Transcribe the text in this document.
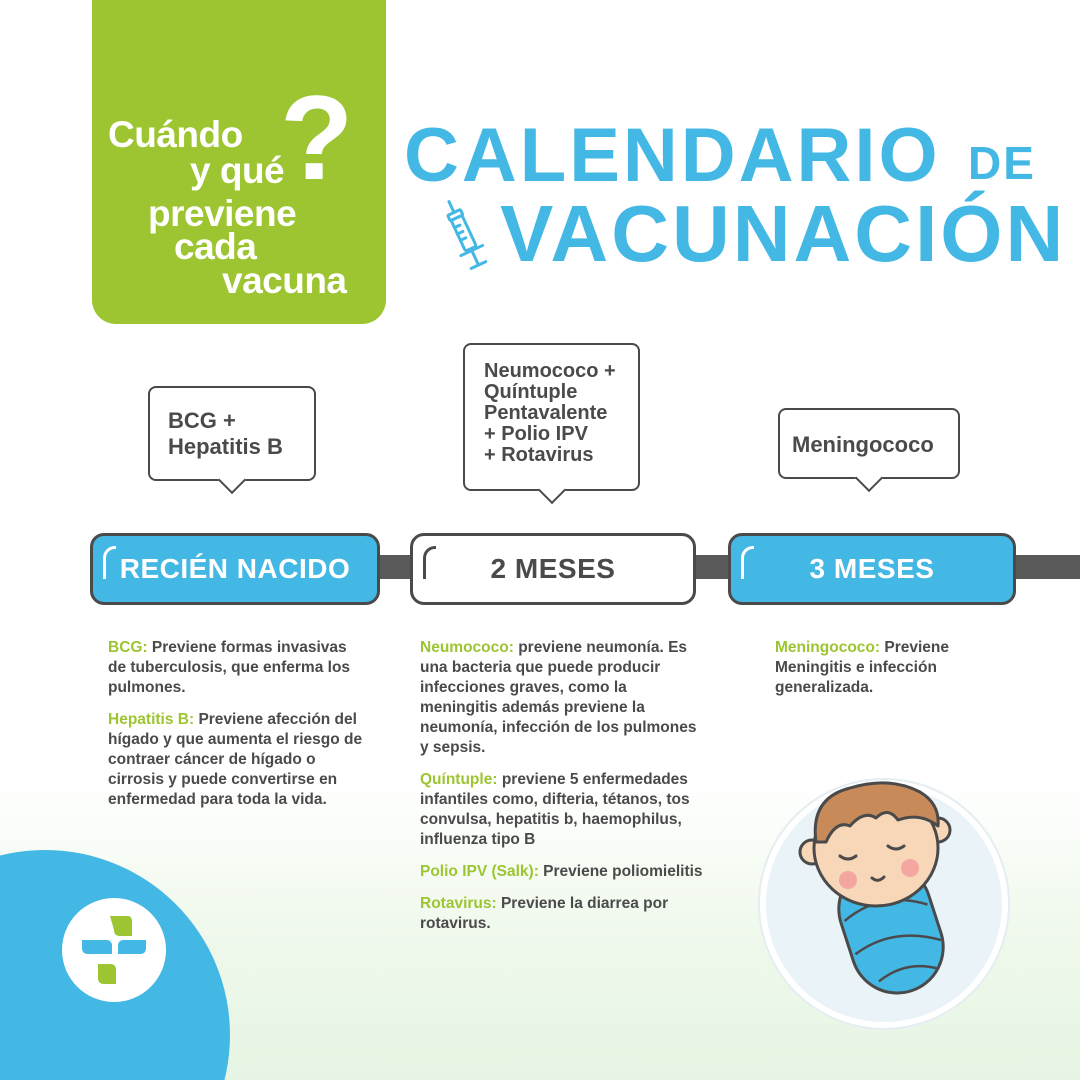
Cuándo
y qué
previene
cada
vacuna
? CALENDARIO DE
VACUNACIÓN
BCG +
Hepatitis B
Neumococo +
Quíntuple
Pentavalente
+ Polio IPV
+ Rotavirus	Meningococo
RECIÉN NACIDO	2 MESES	3 MESES

BCG: Previene formas invasivas de tuberculosis, que enferma los pulmones.

Hepatitis B: Previene afección del hígado y que aumenta el riesgo de contraer cáncer de hígado o cirrosis y puede convertirse en enfermedad para toda la vida.

Neumococo: previene neumonía. Es una bacteria que puede producir infecciones graves, como la meningitis además previene la neumonía, infección de los pulmones y sepsis.

Quíntuple: previene 5 enfermedades infantiles como, difteria, tétanos, tos convulsa, hepatitis b, haemophilus, influenza tipo B

Polio IPV (Salk): Previene poliomielitis

Rotavirus: Previene la diarrea por rotavirus.

Meningococo: Previene Meningitis e infección generalizada.
